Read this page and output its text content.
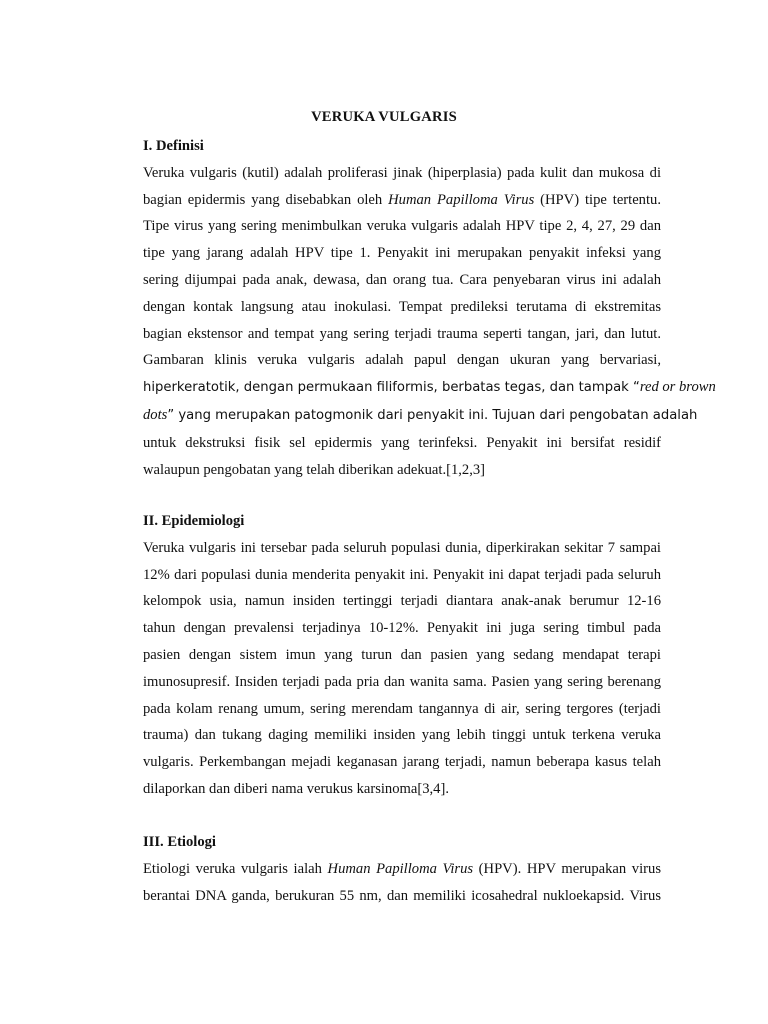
VERUKA VULGARIS
I. Definisi
Veruka vulgaris (kutil) adalah proliferasi jinak (hiperplasia) pada kulit dan mukosa di
bagian epidermis yang disebabkan oleh Human Papilloma Virus (HPV) tipe tertentu.
Tipe virus yang sering menimbulkan veruka vulgaris adalah HPV tipe 2, 4, 27, 29 dan
tipe yang jarang adalah HPV tipe 1. Penyakit ini merupakan penyakit infeksi yang
sering dijumpai pada anak, dewasa, dan orang tua. Cara penyebaran virus ini adalah
dengan kontak langsung atau inokulasi. Tempat predileksi terutama di ekstremitas
bagian ekstensor and tempat yang sering terjadi trauma seperti tangan, jari, dan lutut.
Gambaran klinis veruka vulgaris adalah papul dengan ukuran yang bervariasi,
hiperkeratotik, dengan permukaan filiformis, berbatas tegas, dan tampak “red or brown
dots” yang merupakan patogmonik dari penyakit ini. Tujuan dari pengobatan adalah
untuk dekstruksi fisik sel epidermis yang terinfeksi. Penyakit ini bersifat residif
walaupun pengobatan yang telah diberikan adekuat.[1,2,3]
II. Epidemiologi
Veruka vulgaris ini tersebar pada seluruh populasi dunia, diperkirakan sekitar 7 sampai
12% dari populasi dunia menderita penyakit ini. Penyakit ini dapat terjadi pada seluruh
kelompok usia, namun insiden tertinggi terjadi diantara anak-anak berumur 12-16
tahun dengan prevalensi terjadinya 10-12%. Penyakit ini juga sering timbul pada
pasien dengan sistem imun yang turun dan pasien yang sedang mendapat terapi
imunosupresif. Insiden terjadi pada pria dan wanita sama. Pasien yang sering berenang
pada kolam renang umum, sering merendam tangannya di air, sering tergores (terjadi
trauma) dan tukang daging memiliki insiden yang lebih tinggi untuk terkena veruka
vulgaris. Perkembangan mejadi keganasan jarang terjadi, namun beberapa kasus telah
dilaporkan dan diberi nama verukus karsinoma[3,4].
III. Etiologi
Etiologi veruka vulgaris ialah Human Papilloma Virus (HPV). HPV merupakan virus
berantai DNA ganda, berukuran 55 nm, dan memiliki icosahedral nukloekapsid. Virus
